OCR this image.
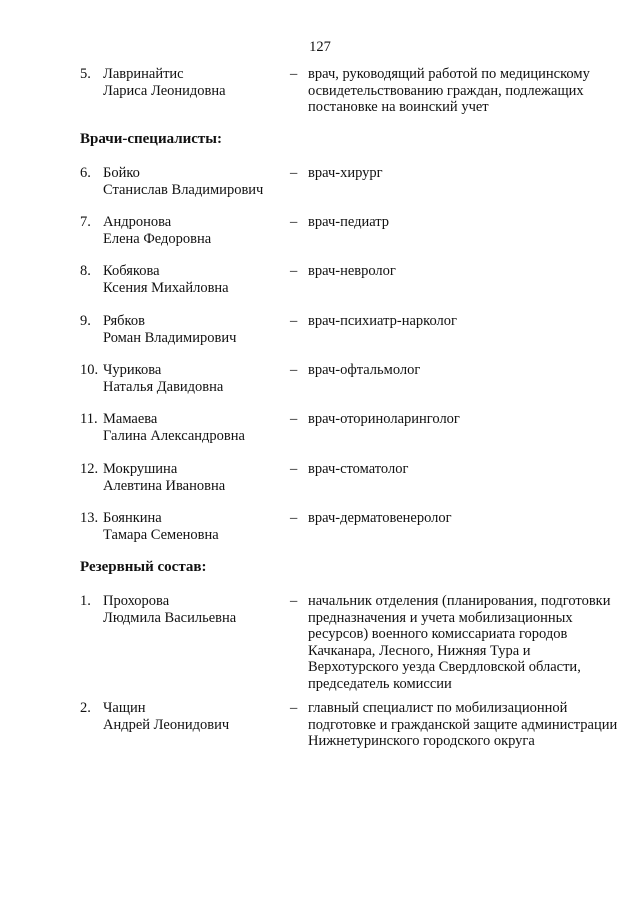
127
5. Лавринайтис
Лариса Леонидовна
– врач, руководящий работой по медицинскому освидетельствованию граждан, подлежащих постановке на воинский учет
Врачи-специалисты:
6. Бойко
Станислав Владимирович
– врач-хирург
7. Андронова
Елена Федоровна
– врач-педиатр
8. Кобякова
Ксения Михайловна
– врач-невролог
9. Рябков
Роман Владимирович
– врач-психиатр-нарколог
10. Чурикова
Наталья Давидовна
– врач-офтальмолог
11. Мамаева
Галина Александровна
– врач-оториноларинголог
12. Мокрушина
Алевтина Ивановна
– врач-стоматолог
13. Боянкина
Тамара Семеновна
– врач-дерматовенеролог
Резервный состав:
1. Прохорова
Людмила Васильевна
– начальник отделения (планирования, подготовки предназначения и учета мобилизационных ресурсов) военного комиссариата городов Качканара, Лесного, Нижняя Тура и Верхотурского уезда Свердловской области, председатель комиссии
2. Чащин
Андрей Леонидович
– главный специалист по мобилизационной подготовке и гражданской защите администрации Нижнетуринского городского округа
